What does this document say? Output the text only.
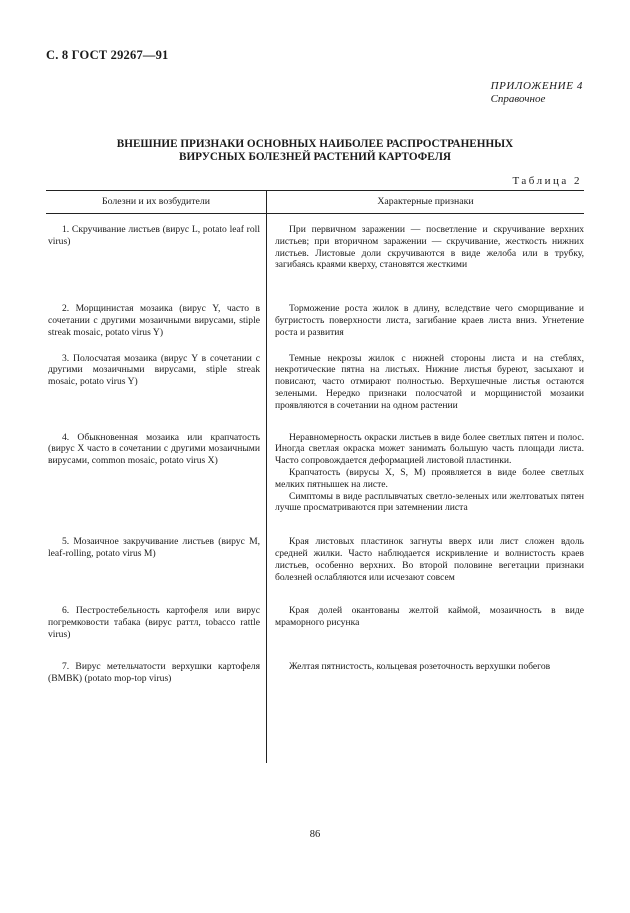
С. 8 ГОСТ 29267—91
ПРИЛОЖЕНИЕ 4
Справочное
ВНЕШНИЕ ПРИЗНАКИ ОСНОВНЫХ НАИБОЛЕЕ РАСПРОСТРАНЕННЫХ
ВИРУСНЫХ БОЛЕЗНЕЙ РАСТЕНИЙ КАРТОФЕЛЯ
Таблица 2
Болезни и их возбудители	Характерные признаки

1. Скручивание листьев (вирус L, potato leaf roll virus)

При первичном заражении — посветление и скручивание верхних листьев; при вторичном заражении — скручивание, жесткость нижних листьев. Листовые доли скручиваются в виде желоба или в трубку, загибаясь краями кверху, становятся жесткими

2. Морщинистая мозаика (вирус Y, часто в сочетании с другими мозаичными вирусами, stiple streak mosaic, potato virus Y)

Торможение роста жилок в длину, вследствие чего сморщивание и бугристость поверхности листа, загибание краев листа вниз. Угнетение роста и развития

3. Полосчатая мозаика (вирус Y в сочетании с другими мозаичными вирусами, stiple streak mosaic, potato virus Y)

Темные некрозы жилок с нижней стороны листа и на стеблях, некротические пятна на листьях. Нижние листья буреют, засыхают и повисают, часто отмирают полностью. Верхушечные листья остаются зелеными. Нередко признаки полосчатой и морщинистой мозаики проявляются в сочетании на одном растении

4. Обыкновенная мозаика или крапчатость (вирус X часто в сочетании с другими мозаичными вирусами, common mosaic, potato virus X)

Неравномерность окраски листьев в виде более светлых пятен и полос. Иногда светлая окраска может занимать большую часть площади листа. Часто сопровождается деформацией листовой пластинки.

Крапчатость (вирусы X, S, M) проявляется в виде более светлых мелких пятнышек на листе.

Симптомы в виде расплывчатых светло-зеленых или желтоватых пятен лучше просматриваются при затемнении листа

5. Мозаичное закручивание листьев (вирус M, leaf-rolling, potato virus M)

Края листовых пластинок загнуты вверх или лист сложен вдоль средней жилки. Часто наблюдается искривление и волнистость краев листьев, особенно верхних. Во второй половине вегетации признаки болезней ослабляются или исчезают совсем

6. Пестростебельность картофеля или вирус погремковости табака (вирус раттл, tobacco rattle virus)

Края долей окантованы желтой каймой, мозаичность в виде мраморного рисунка

7. Вирус метельчатости верхушки картофеля (ВМВК) (potato mop-top virus)

Желтая пятнистость, кольцевая розеточность верхушки побегов

86
